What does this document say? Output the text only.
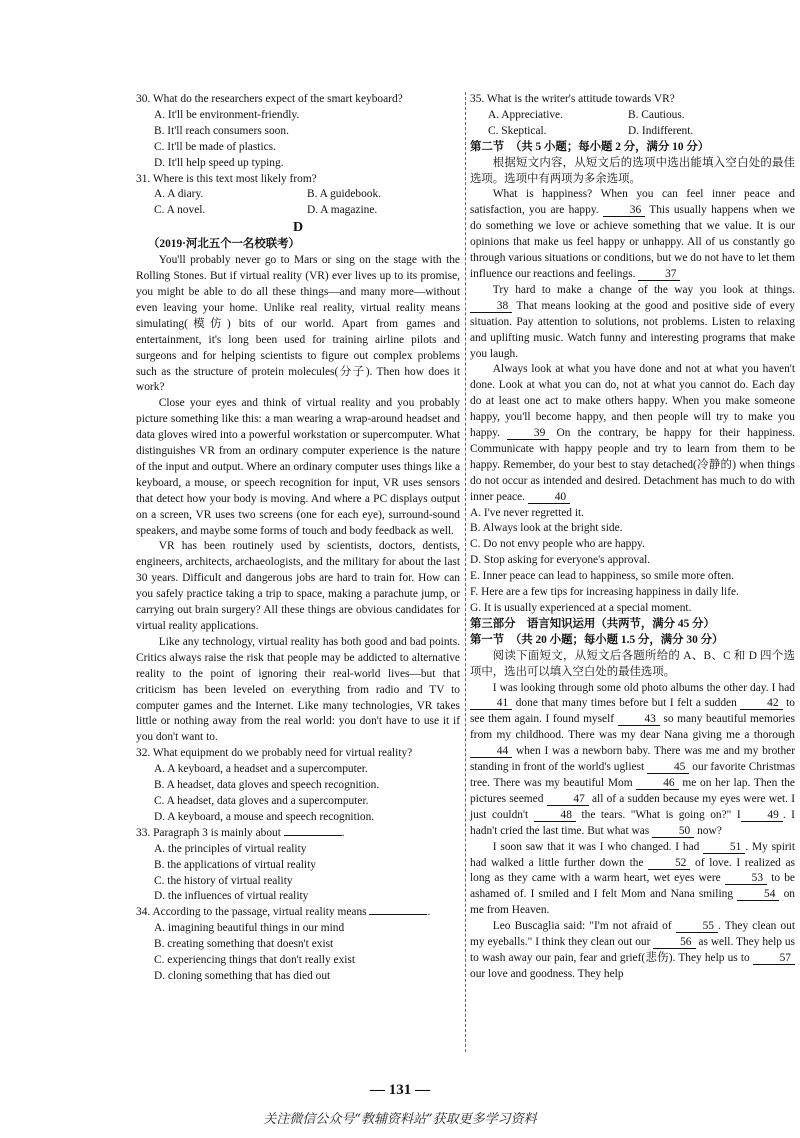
30. What do the researchers expect of the smart keyboard?
A. It'll be environment-friendly.
B. It'll reach consumers soon.
C. It'll be made of plastics.
D. It'll help speed up typing.
31. Where is this text most likely from?
A. A diary.	B. A guidebook.
C. A novel.	D. A magazine.
D
（2019·河北五个一名校联考）
You'll probably never go to Mars or sing on the stage with the Rolling Stones. But if virtual reality (VR) ever lives up to its promise, you might be able to do all these things—and many more—without even leaving your home. Unlike real reality, virtual reality means simulating(模仿) bits of our world. Apart from games and entertainment, it's long been used for training airline pilots and surgeons and for helping scientists to figure out complex problems such as the structure of protein molecules(分子). Then how does it work?
Close your eyes and think of virtual reality and you probably picture something like this: a man wearing a wrap-around headset and data gloves wired into a powerful workstation or supercomputer. What distinguishes VR from an ordinary computer experience is the nature of the input and output. Where an ordinary computer uses things like a keyboard, a mouse, or speech recognition for input, VR uses sensors that detect how your body is moving. And where a PC displays output on a screen, VR uses two screens (one for each eye), surround-sound speakers, and maybe some forms of touch and body feedback as well.
VR has been routinely used by scientists, doctors, dentists, engineers, architects, archaeologists, and the military for about the last 30 years. Difficult and dangerous jobs are hard to train for. How can you safely practice taking a trip to space, making a parachute jump, or carrying out brain surgery? All these things are obvious candidates for virtual reality applications.
Like any technology, virtual reality has both good and bad points. Critics always raise the risk that people may be addicted to alternative reality to the point of ignoring their real-world lives—but that criticism has been leveled on everything from radio and TV to computer games and the Internet. Like many technologies, VR takes little or nothing away from the real world: you don't have to use it if you don't want to.
32. What equipment do we probably need for virtual reality?
A. A keyboard, a headset and a supercomputer.
B. A headset, data gloves and speech recognition.
C. A headset, data gloves and a supercomputer.
D. A keyboard, a mouse and speech recognition.
33. Paragraph 3 is mainly about	.
A. the principles of virtual reality
B. the applications of virtual reality
C. the history of virtual reality
D. the influences of virtual reality
34. According to the passage, virtual reality means	.
A. imagining beautiful things in our mind
B. creating something that doesn't exist
C. experiencing things that don't really exist
D. cloning something that has died out
35. What is the writer's attitude towards VR?
A. Appreciative.	B. Cautious.
C. Skeptical.	D. Indifferent.
第二节　（共 5 小题；每小题 2 分，满分 10 分）
根据短文内容，从短文后的选项中选出能填入空白处的最佳选项。选项中有两项为多余选项。
What is happiness? When you can feel inner peace and satisfaction, you are happy.	36 This usually happens when we do something we love or achieve something that we value. It is our opinions that make us feel happy or unhappy. All of us constantly go through various situations or conditions, but we do not have to let them influence our reactions and feelings.	37
Try hard to make a change of the way you look at things. 38 That means looking at the good and positive side of every situation. Pay attention to solutions, not problems. Listen to relaxing and uplifting music. Watch funny and interesting programs that make you laugh.
Always look at what you have done and not at what you haven't done. Look at what you can do, not at what you cannot do. Each day do at least one act to make others happy. When you make someone happy, you'll become happy, and then people will try to make you happy.	39 On the contrary, be happy for their happiness. Communicate with happy people and try to learn from them to be happy. Remember, do your best to stay detached(冷静的) when things do not occur as intended and desired. Detachment has much to do with inner peace.	40
A. I've never regretted it.
B. Always look at the bright side.
C. Do not envy people who are happy.
D. Stop asking for everyone's approval.
E. Inner peace can lead to happiness, so smile more often.
F. Here are a few tips for increasing happiness in daily life.
G. It is usually experienced at a special moment.
第三部分　语言知识运用（共两节，满分 45 分）
第一节　（共 20 小题；每小题 1.5 分，满分 30 分）
阅读下面短文，从短文后各题所给的 A、B、C 和 D 四个选项中，选出可以填入空白处的最佳选项。
I was looking through some old photo albums the other day. I had 41 done that many times before but I felt a sudden	42 to see them again. I found myself	43 so many beautiful memories from my childhood. There was my dear Nana giving me a thorough 44 when I was a newborn baby. There was me and my brother standing in front of the world's ugliest	45 our favorite Christmas tree. There was my beautiful Mom	46 me on her lap. Then the pictures seemed	47 all of a sudden because my eyes were wet. I just couldn't	48 the tears. "What is going on?" I 49 . I hadn't cried the last time. But what was	50 now?
I soon saw that it was I who changed. I had	51 . My spirit had walked a little further down the	52 of love. I realized as long as they came with a warm heart, wet eyes were	53 to be ashamed of. I smiled and I felt Mom and Nana smiling	54 on me from Heaven.
Leo Buscaglia said: "I'm not afraid of	55 . They clean out my eyeballs." I think they clean out our	56 as well. They help us to wash away our pain, fear and grief(悲伤). They help us to	57 our love and goodness. They help
— 131 —
关注微信公众号“教辅资料站”获取更多学习资料
